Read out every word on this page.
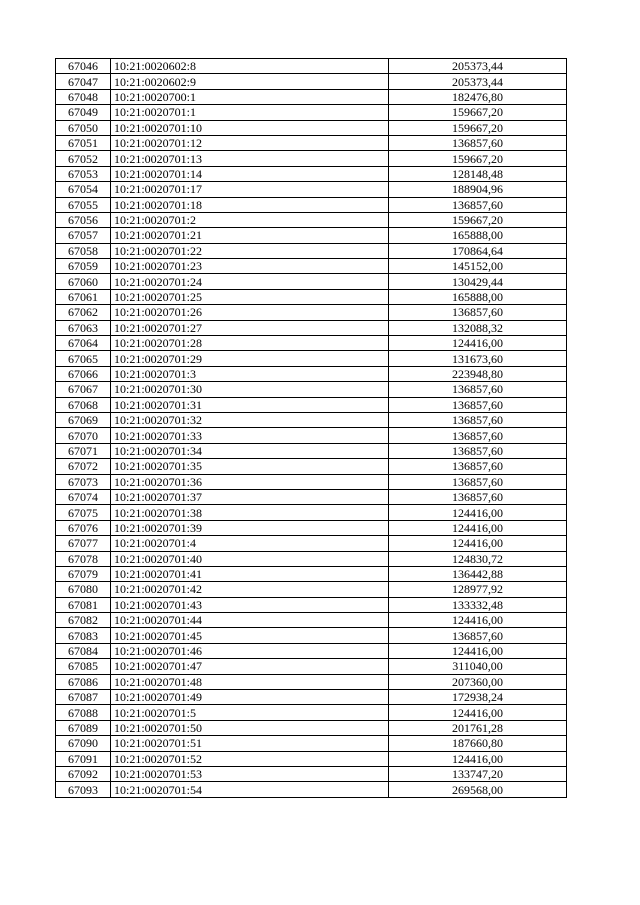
67046	10:21:0020602:8	205373,44
67047	10:21:0020602:9	205373,44
67048	10:21:0020700:1	182476,80
67049	10:21:0020701:1	159667,20
67050	10:21:0020701:10	159667,20
67051	10:21:0020701:12	136857,60
67052	10:21:0020701:13	159667,20
67053	10:21:0020701:14	128148,48
67054	10:21:0020701:17	188904,96
67055	10:21:0020701:18	136857,60
67056	10:21:0020701:2	159667,20
67057	10:21:0020701:21	165888,00
67058	10:21:0020701:22	170864,64
67059	10:21:0020701:23	145152,00
67060	10:21:0020701:24	130429,44
67061	10:21:0020701:25	165888,00
67062	10:21:0020701:26	136857,60
67063	10:21:0020701:27	132088,32
67064	10:21:0020701:28	124416,00
67065	10:21:0020701:29	131673,60
67066	10:21:0020701:3	223948,80
67067	10:21:0020701:30	136857,60
67068	10:21:0020701:31	136857,60
67069	10:21:0020701:32	136857,60
67070	10:21:0020701:33	136857,60
67071	10:21:0020701:34	136857,60
67072	10:21:0020701:35	136857,60
67073	10:21:0020701:36	136857,60
67074	10:21:0020701:37	136857,60
67075	10:21:0020701:38	124416,00
67076	10:21:0020701:39	124416,00
67077	10:21:0020701:4	124416,00
67078	10:21:0020701:40	124830,72
67079	10:21:0020701:41	136442,88
67080	10:21:0020701:42	128977,92
67081	10:21:0020701:43	133332,48
67082	10:21:0020701:44	124416,00
67083	10:21:0020701:45	136857,60
67084	10:21:0020701:46	124416,00
67085	10:21:0020701:47	311040,00
67086	10:21:0020701:48	207360,00
67087	10:21:0020701:49	172938,24
67088	10:21:0020701:5	124416,00
67089	10:21:0020701:50	201761,28
67090	10:21:0020701:51	187660,80
67091	10:21:0020701:52	124416,00
67092	10:21:0020701:53	133747,20
67093	10:21:0020701:54	269568,00
